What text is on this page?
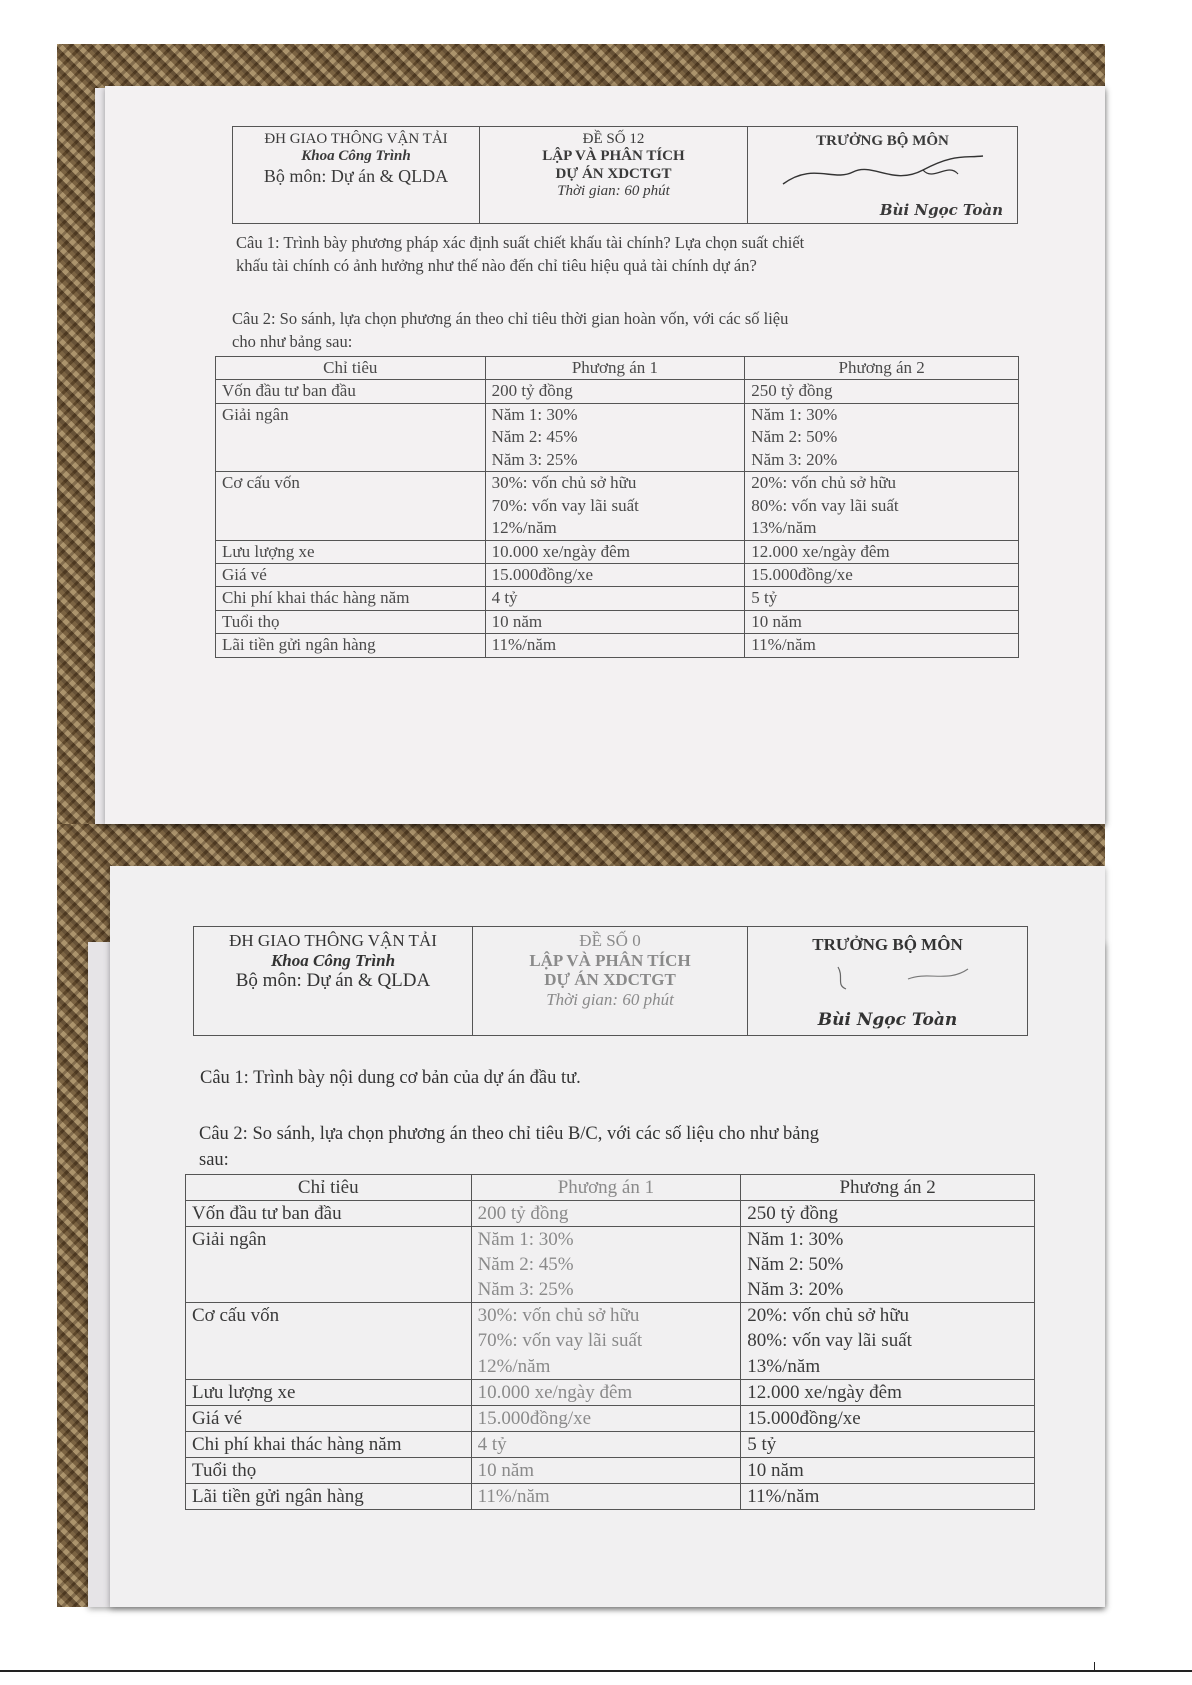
ĐH GIAO THÔNG VẬN TẢI
Khoa Công Trình
Bộ môn: Dự án & QLDA
ĐỀ SỐ 12
LẬP VÀ PHÂN TÍCH
DỰ ÁN XDCTGT
Thời gian: 60 phút
TRƯỞNG BỘ MÔN
Bùi Ngọc Toàn
Câu 1: Trình bày phương pháp xác định suất chiết khấu tài chính? Lựa chọn suất chiết
khấu tài chính có ảnh hưởng như thế nào đến chỉ tiêu hiệu quả tài chính dự án?
Câu 2: So sánh, lựa chọn phương án theo chỉ tiêu thời gian hoàn vốn, với các số liệu
cho như bảng sau:
Chỉ tiêu	Phương án 1	Phương án 2
Vốn đầu tư ban đầu	200 tỷ đồng	250 tỷ đồng

Giải ngân	Năm 1: 30%
Năm 2: 45%
Năm 3: 25%	Năm 1: 30%
Năm 2: 50%
Năm 3: 20%

Cơ cấu vốn	30%: vốn chủ sở hữu
70%: vốn vay lãi suất
12%/năm	20%: vốn chủ sở hữu
80%: vốn vay lãi suất
13%/năm

Lưu lượng xe	10.000 xe/ngày đêm	12.000 xe/ngày đêm

Giá vé	15.000đồng/xe	15.000đồng/xe

Chi phí khai thác hàng năm	4 tỷ	5 tỷ

Tuổi thọ	10 năm	10 năm

Lãi tiền gửi ngân hàng	11%/năm	11%/năm
ĐH GIAO THÔNG VẬN TẢI
Khoa Công Trình
Bộ môn: Dự án & QLDA
ĐỀ SỐ 0
LẬP VÀ PHÂN TÍCH
DỰ ÁN XDCTGT
Thời gian: 60 phút
TRƯỞNG BỘ MÔN
Bùi Ngọc Toàn
Câu 1: Trình bày nội dung cơ bản của dự án đầu tư.
Câu 2: So sánh, lựa chọn phương án theo chỉ tiêu B/C, với các số liệu cho như bảng
sau:
Chỉ tiêu	Phương án 1	Phương án 2
Vốn đầu tư ban đầu	200 tỷ đồng	250 tỷ đồng

Giải ngân	Năm 1: 30%
Năm 2: 45%
Năm 3: 25%	Năm 1: 30%
Năm 2: 50%
Năm 3: 20%

Cơ cấu vốn	30%: vốn chủ sở hữu
70%: vốn vay lãi suất
12%/năm	20%: vốn chủ sở hữu
80%: vốn vay lãi suất
13%/năm

Lưu lượng xe	10.000 xe/ngày đêm	12.000 xe/ngày đêm

Giá vé	15.000đồng/xe	15.000đồng/xe

Chi phí khai thác hàng năm	4 tỷ	5 tỷ

Tuổi thọ	10 năm	10 năm

Lãi tiền gửi ngân hàng	11%/năm	11%/năm
